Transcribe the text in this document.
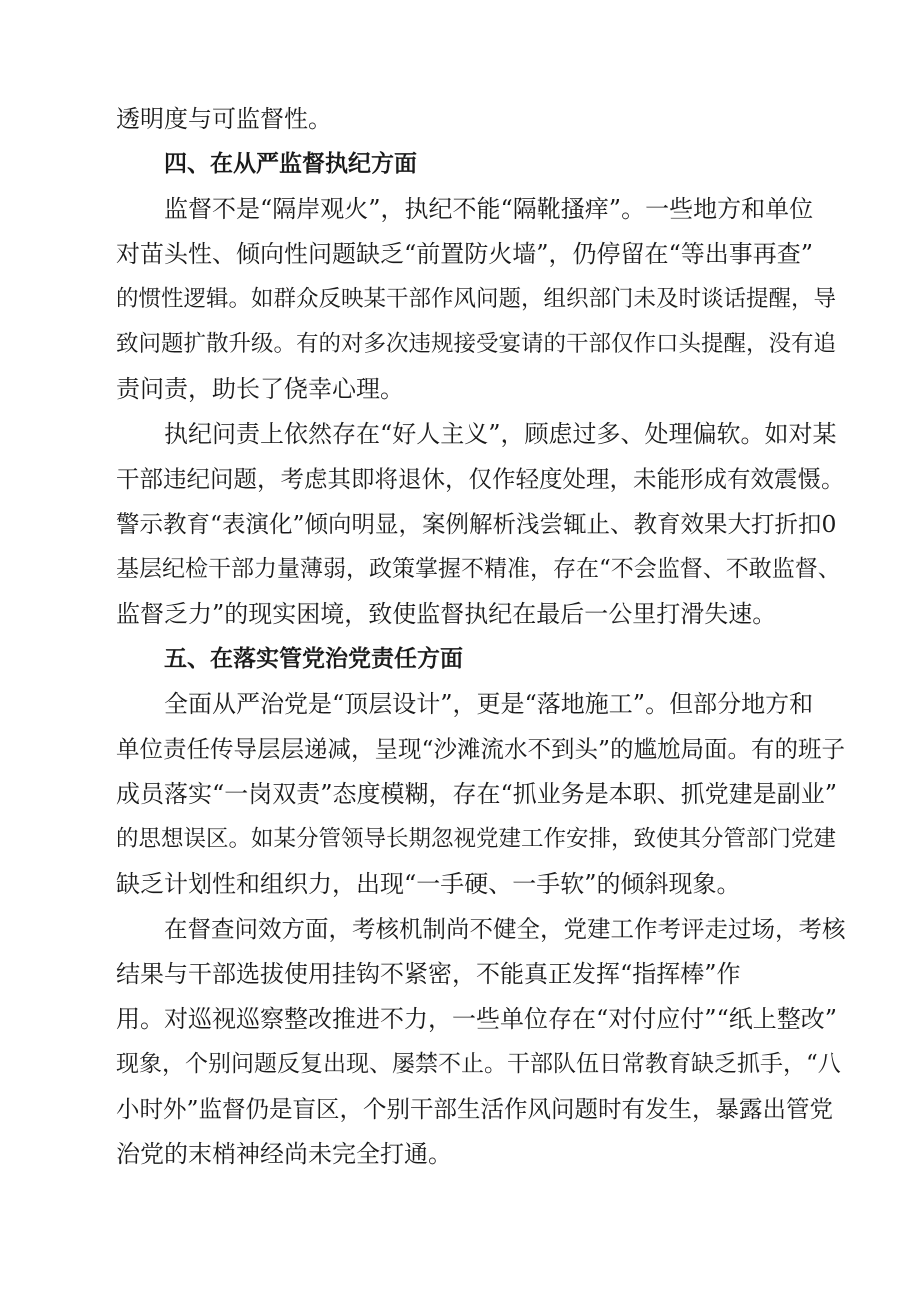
透明度与可监督性。
四、在从严监督执纪方面
监督不是“隔岸观火”，执纪不能“隔靴搔痒”。一些地方和单位
对苗头性、倾向性问题缺乏“前置防火墙”，仍停留在“等出事再查”
的惯性逻辑。如群众反映某干部作风问题，组织部门未及时谈话提醒，导
致问题扩散升级。有的对多次违规接受宴请的干部仅作口头提醒，没有追
责问责，助长了侥幸心理。
执纪问责上依然存在“好人主义”，顾虑过多、处理偏软。如对某
干部违纪问题，考虑其即将退休，仅作轻度处理，未能形成有效震慑。
警示教育“表演化”倾向明显，案例解析浅尝辄止、教育效果大打折扣0
基层纪检干部力量薄弱，政策掌握不精准，存在“不会监督、不敢监督、
监督乏力”的现实困境，致使监督执纪在最后一公里打滑失速。
五、在落实管党治党责任方面
全面从严治党是“顶层设计”，更是“落地施工”。但部分地方和
单位责任传导层层递减，呈现“沙滩流水不到头”的尴尬局面。有的班子
成员落实“一岗双责”态度模糊，存在“抓业务是本职、抓党建是副业”
的思想误区。如某分管领导长期忽视党建工作安排，致使其分管部门党建
缺乏计划性和组织力，出现“一手硬、一手软”的倾斜现象。
在督查问效方面，考核机制尚不健全，党建工作考评走过场，考核
结果与干部选拔使用挂钩不紧密，不能真正发挥“指挥棒”作
用。对巡视巡察整改推进不力，一些单位存在“对付应付”“纸上整改”
现象，个别问题反复出现、屡禁不止。干部队伍日常教育缺乏抓手，“八
小时外”监督仍是盲区，个别干部生活作风问题时有发生，暴露出管党
治党的末梢神经尚未完全打通。
